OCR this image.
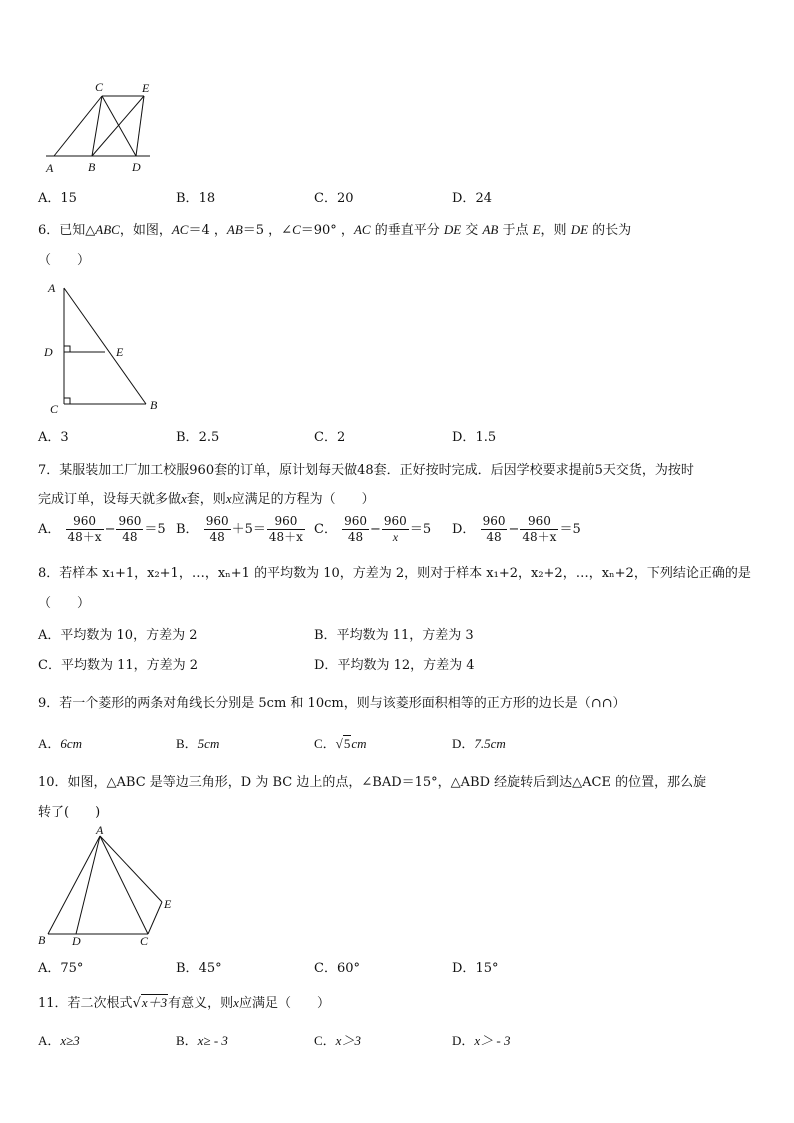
C	E
A	B	D
A．15	B．18	C．20	D．24
6．已知△ABC，如图，AC＝4 ，AB＝5 ，∠C＝90° ，AC 的垂直平分 DE 交 AB 于点 E，则 DE 的长为
（　　）
A
D	E
C	B
A．3	B．2.5	C．2	D．1.5
7．某服装加工厂加工校服960套的订单，原计划每天做48套．正好按时完成．后因学校要求提前5天交货，为按时
完成订单，设每天就多做x套，则x应满足的方程为（　　）
A． $\frac{960}{48+x} - \frac{960}{48} =5$ B． $\frac{960}{48} +5= \frac{960}{48+x}$ C． $\frac{960}{48} - \frac{960}{x} =5$ D． $\frac{960}{48} - \frac{960}{48+x} =5$
8．若样本 x₁+1，x₂+1，…，xₙ+1 的平均数为 10，方差为 2，则对于样本 x₁+2，x₂+2，…，xₙ+2，下列结论正确的是
（　　）
A．平均数为 10，方差为 2	B．平均数为 11，方差为 3
C．平均数为 11，方差为 2	D．平均数为 12，方差为 4
9．若一个菱形的两条对角线长分别是 5cm 和 10cm，则与该菱形面积相等的正方形的边长是（∩∩）
A．6cm	B．5cm	C．√5cm	D．7.5cm
10．如图，△ABC 是等边三角形，D 为 BC 边上的点，∠BAD＝15°，△ABD 经旋转后到达△ACE 的位置，那么旋
转了(　　)
A
B D	C
E
A．75°	B．45°	C．60°	D．15°
11．若二次根式√x＋3有意义，则x应满足（　　）
A．x≥3	B．x≥ - 3	C．x＞3	D．x＞ - 3
